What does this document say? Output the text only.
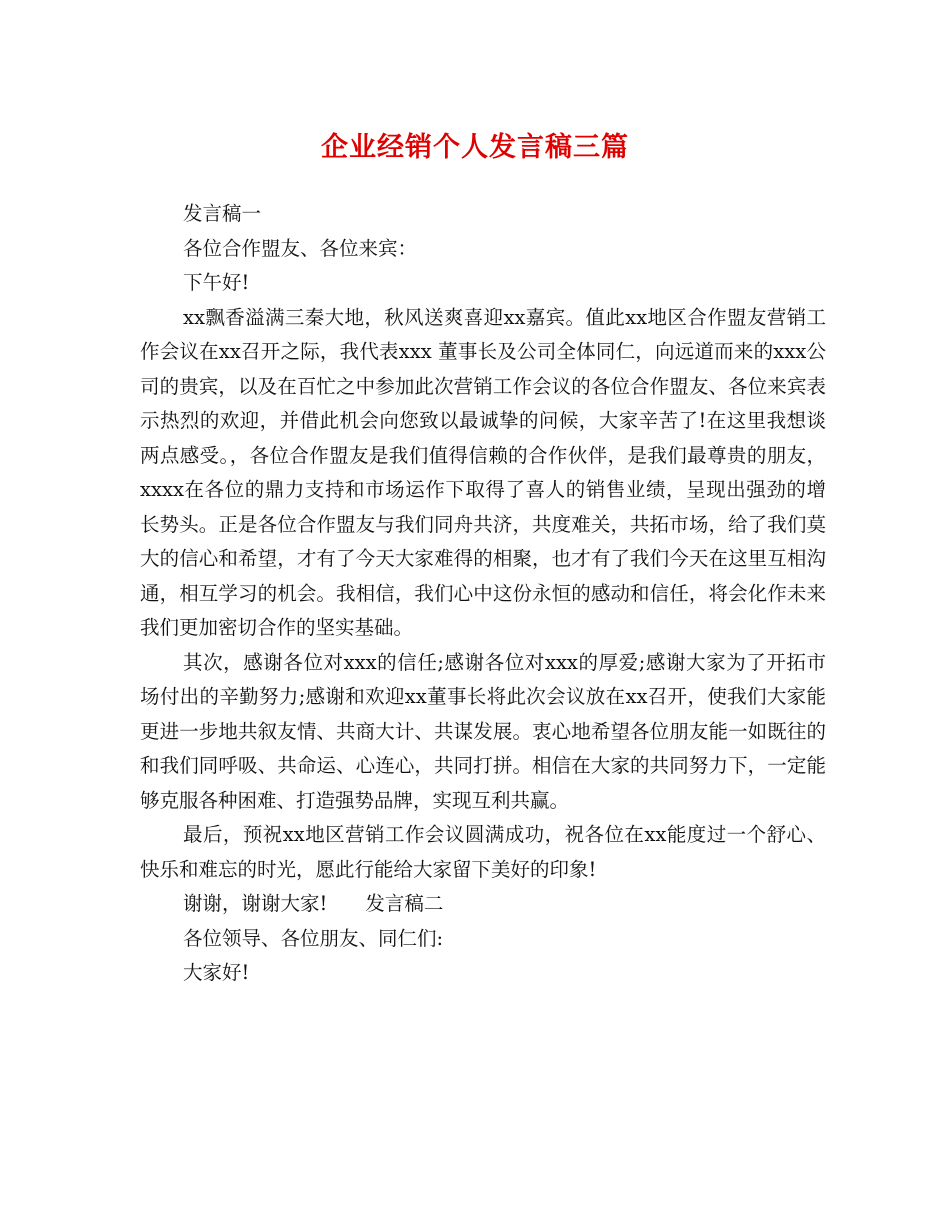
企业经销个人发言稿三篇

发言稿一

各位合作盟友、各位来宾：

下午好!

xx飘香溢满三秦大地，秋风送爽喜迎xx嘉宾。值此xx地区合作盟友营销工作会议在xx召开之际，我代表xxx 董事长及公司全体同仁，向远道而来的xxx公司的贵宾，以及在百忙之中参加此次营销工作会议的各位合作盟友、各位来宾表示热烈的欢迎，并借此机会向您致以最诚挚的问候，大家辛苦了!在这里我想谈两点感受。，各位合作盟友是我们值得信赖的合作伙伴，是我们最尊贵的朋友，xxxx在各位的鼎力支持和市场运作下取得了喜人的销售业绩，呈现出强劲的增长势头。正是各位合作盟友与我们同舟共济，共度难关，共拓市场，给了我们莫大的信心和希望，才有了今天大家难得的相聚，也才有了我们今天在这里互相沟通，相互学习的机会。我相信，我们心中这份永恒的感动和信任，将会化作未来我们更加密切合作的坚实基础。

其次，感谢各位对xxx的信任;感谢各位对xxx的厚爱;感谢大家为了开拓市场付出的辛勤努力;感谢和欢迎xx董事长将此次会议放在xx召开，使我们大家能更进一步地共叙友情、共商大计、共谋发展。衷心地希望各位朋友能一如既往的和我们同呼吸、共命运、心连心，共同打拼。相信在大家的共同努力下，一定能够克服各种困难、打造强势品牌，实现互利共赢。

最后，预祝xx地区营销工作会议圆满成功，祝各位在xx能度过一个舒心、快乐和难忘的时光，愿此行能给大家留下美好的印象!

谢谢，谢谢大家! 发言稿二

各位领导、各位朋友、同仁们:

大家好!
